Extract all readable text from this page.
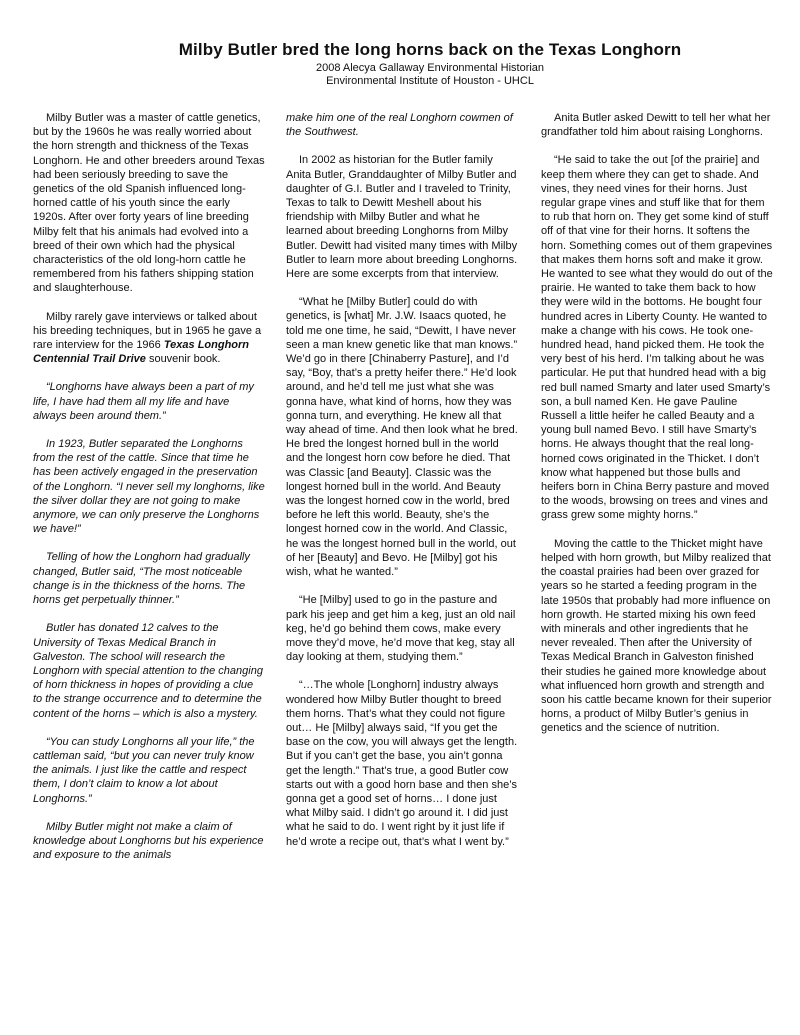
Milby Butler bred the long horns back on the Texas Longhorn
2008 Alecya Gallaway Environmental Historian
Environmental Institute of Houston - UHCL

Milby Butler was a master of cattle genetics, but by the 1960s he was really worried about the horn strength and thickness of the Texas Longhorn. He and other breeders around Texas had been seriously breeding to save the genetics of the old Spanish influenced long-horned cattle of his youth since the early 1920s. After over forty years of line breeding Milby felt that his animals had evolved into a breed of their own which had the physical characteristics of the old long-horn cattle he remembered from his fathers shipping station and slaughterhouse.

Milby rarely gave interviews or talked about his breeding techniques, but in 1965 he gave a rare interview for the 1966 Texas Longhorn Centennial Trail Drive souvenir book.

“Longhorns have always been a part of my life, I have had them all my life and have always been around them.”

In 1923, Butler separated the Longhorns from the rest of the cattle. Since that time he has been actively engaged in the preservation of the Longhorn. “I never sell my longhorns, like the silver dollar they are not going to make anymore, we can only preserve the Longhorns we have!”

Telling of how the Longhorn had gradually changed, Butler said, “The most noticeable change is in the thickness of the horns. The horns get perpetually thinner.”

Butler has donated 12 calves to the University of Texas Medical Branch in Galveston. The school will research the Longhorn with special attention to the changing of horn thickness in hopes of providing a clue to the strange occurrence and to determine the content of the horns – which is also a mystery.

“You can study Longhorns all your life,” the cattleman said, “but you can never truly know the animals. I just like the cattle and respect them, I don’t claim to know a lot about Longhorns.”

Milby Butler might not make a claim of knowledge about Longhorns but his experience and exposure to the animals

make him one of the real Longhorn cowmen of the Southwest.

In 2002 as historian for the Butler family Anita Butler, Granddaughter of Milby Butler and daughter of G.I. Butler and I traveled to Trinity, Texas to talk to Dewitt Meshell about his friendship with Milby Butler and what he learned about breeding Longhorns from Milby Butler. Dewitt had visited many times with Milby Butler to learn more about breeding Longhorns. Here are some excerpts from that interview.

“What he [Milby Butler] could do with genetics, is [what] Mr. J.W. Isaacs quoted, he told me one time, he said, “Dewitt, I have never seen a man knew genetic like that man knows.” We’d go in there [Chinaberry Pasture], and I’d say, “Boy, that’s a pretty heifer there.” He’d look around, and he’d tell me just what she was gonna have, what kind of horns, how they was gonna turn, and everything. He knew all that way ahead of time. And then look what he bred. He bred the longest horned bull in the world and the longest horn cow before he died. That was Classic [and Beauty]. Classic was the longest horned bull in the world. And Beauty was the longest horned cow in the world, bred before he left this world. Beauty, she’s the longest horned cow in the world. And Classic, he was the longest horned bull in the world, out of her [Beauty] and Bevo. He [Milby] got his wish, what he wanted.”

“He [Milby] used to go in the pasture and park his jeep and get him a keg, just an old nail keg, he’d go behind them cows, make every move they’d move, he’d move that keg, stay all day looking at them, studying them.”

“…The whole [Longhorn] industry always wondered how Milby Butler thought to breed them horns. That’s what they could not figure out… He [Milby] always said, “If you get the base on the cow, you will always get the length. But if you can’t get the base, you ain’t gonna get the length.” That’s true, a good Butler cow starts out with a good horn base and then she’s gonna get a good set of horns… I done just what Milby said. I didn’t go around it. I did just what he said to do. I went right by it just life if he’d wrote a recipe out, that’s what I went by.”

Anita Butler asked Dewitt to tell her what her grandfather told him about raising Longhorns.

“He said to take the out [of the prairie] and keep them where they can get to shade. And vines, they need vines for their horns. Just regular grape vines and stuff like that for them to rub that horn on. They get some kind of stuff off of that vine for their horns. It softens the horn. Something comes out of them grapevines that makes them horns soft and make it grow. He wanted to see what they would do out of the prairie. He wanted to take them back to how they were wild in the bottoms. He bought four hundred acres in Liberty County. He wanted to make a change with his cows. He took one-hundred head, hand picked them. He took the very best of his herd. I’m talking about he was particular. He put that hundred head with a big red bull named Smarty and later used Smarty’s son, a bull named Ken. He gave Pauline Russell a little heifer he called Beauty and a young bull named Bevo. I still have Smarty’s horns. He always thought that the real long-horned cows originated in the Thicket. I don’t know what happened but those bulls and heifers born in China Berry pasture and moved to the woods, browsing on trees and vines and grass grew some mighty horns.”

Moving the cattle to the Thicket might have helped with horn growth, but Milby realized that the coastal prairies had been over grazed for years so he started a feeding program in the late 1950s that probably had more influence on horn growth. He started mixing his own feed with minerals and other ingredients that he never revealed. Then after the University of Texas Medical Branch in Galveston finished their studies he gained more knowledge about what influenced horn growth and strength and soon his cattle became known for their superior horns, a product of Milby Butler’s genius in genetics and the science of nutrition.
